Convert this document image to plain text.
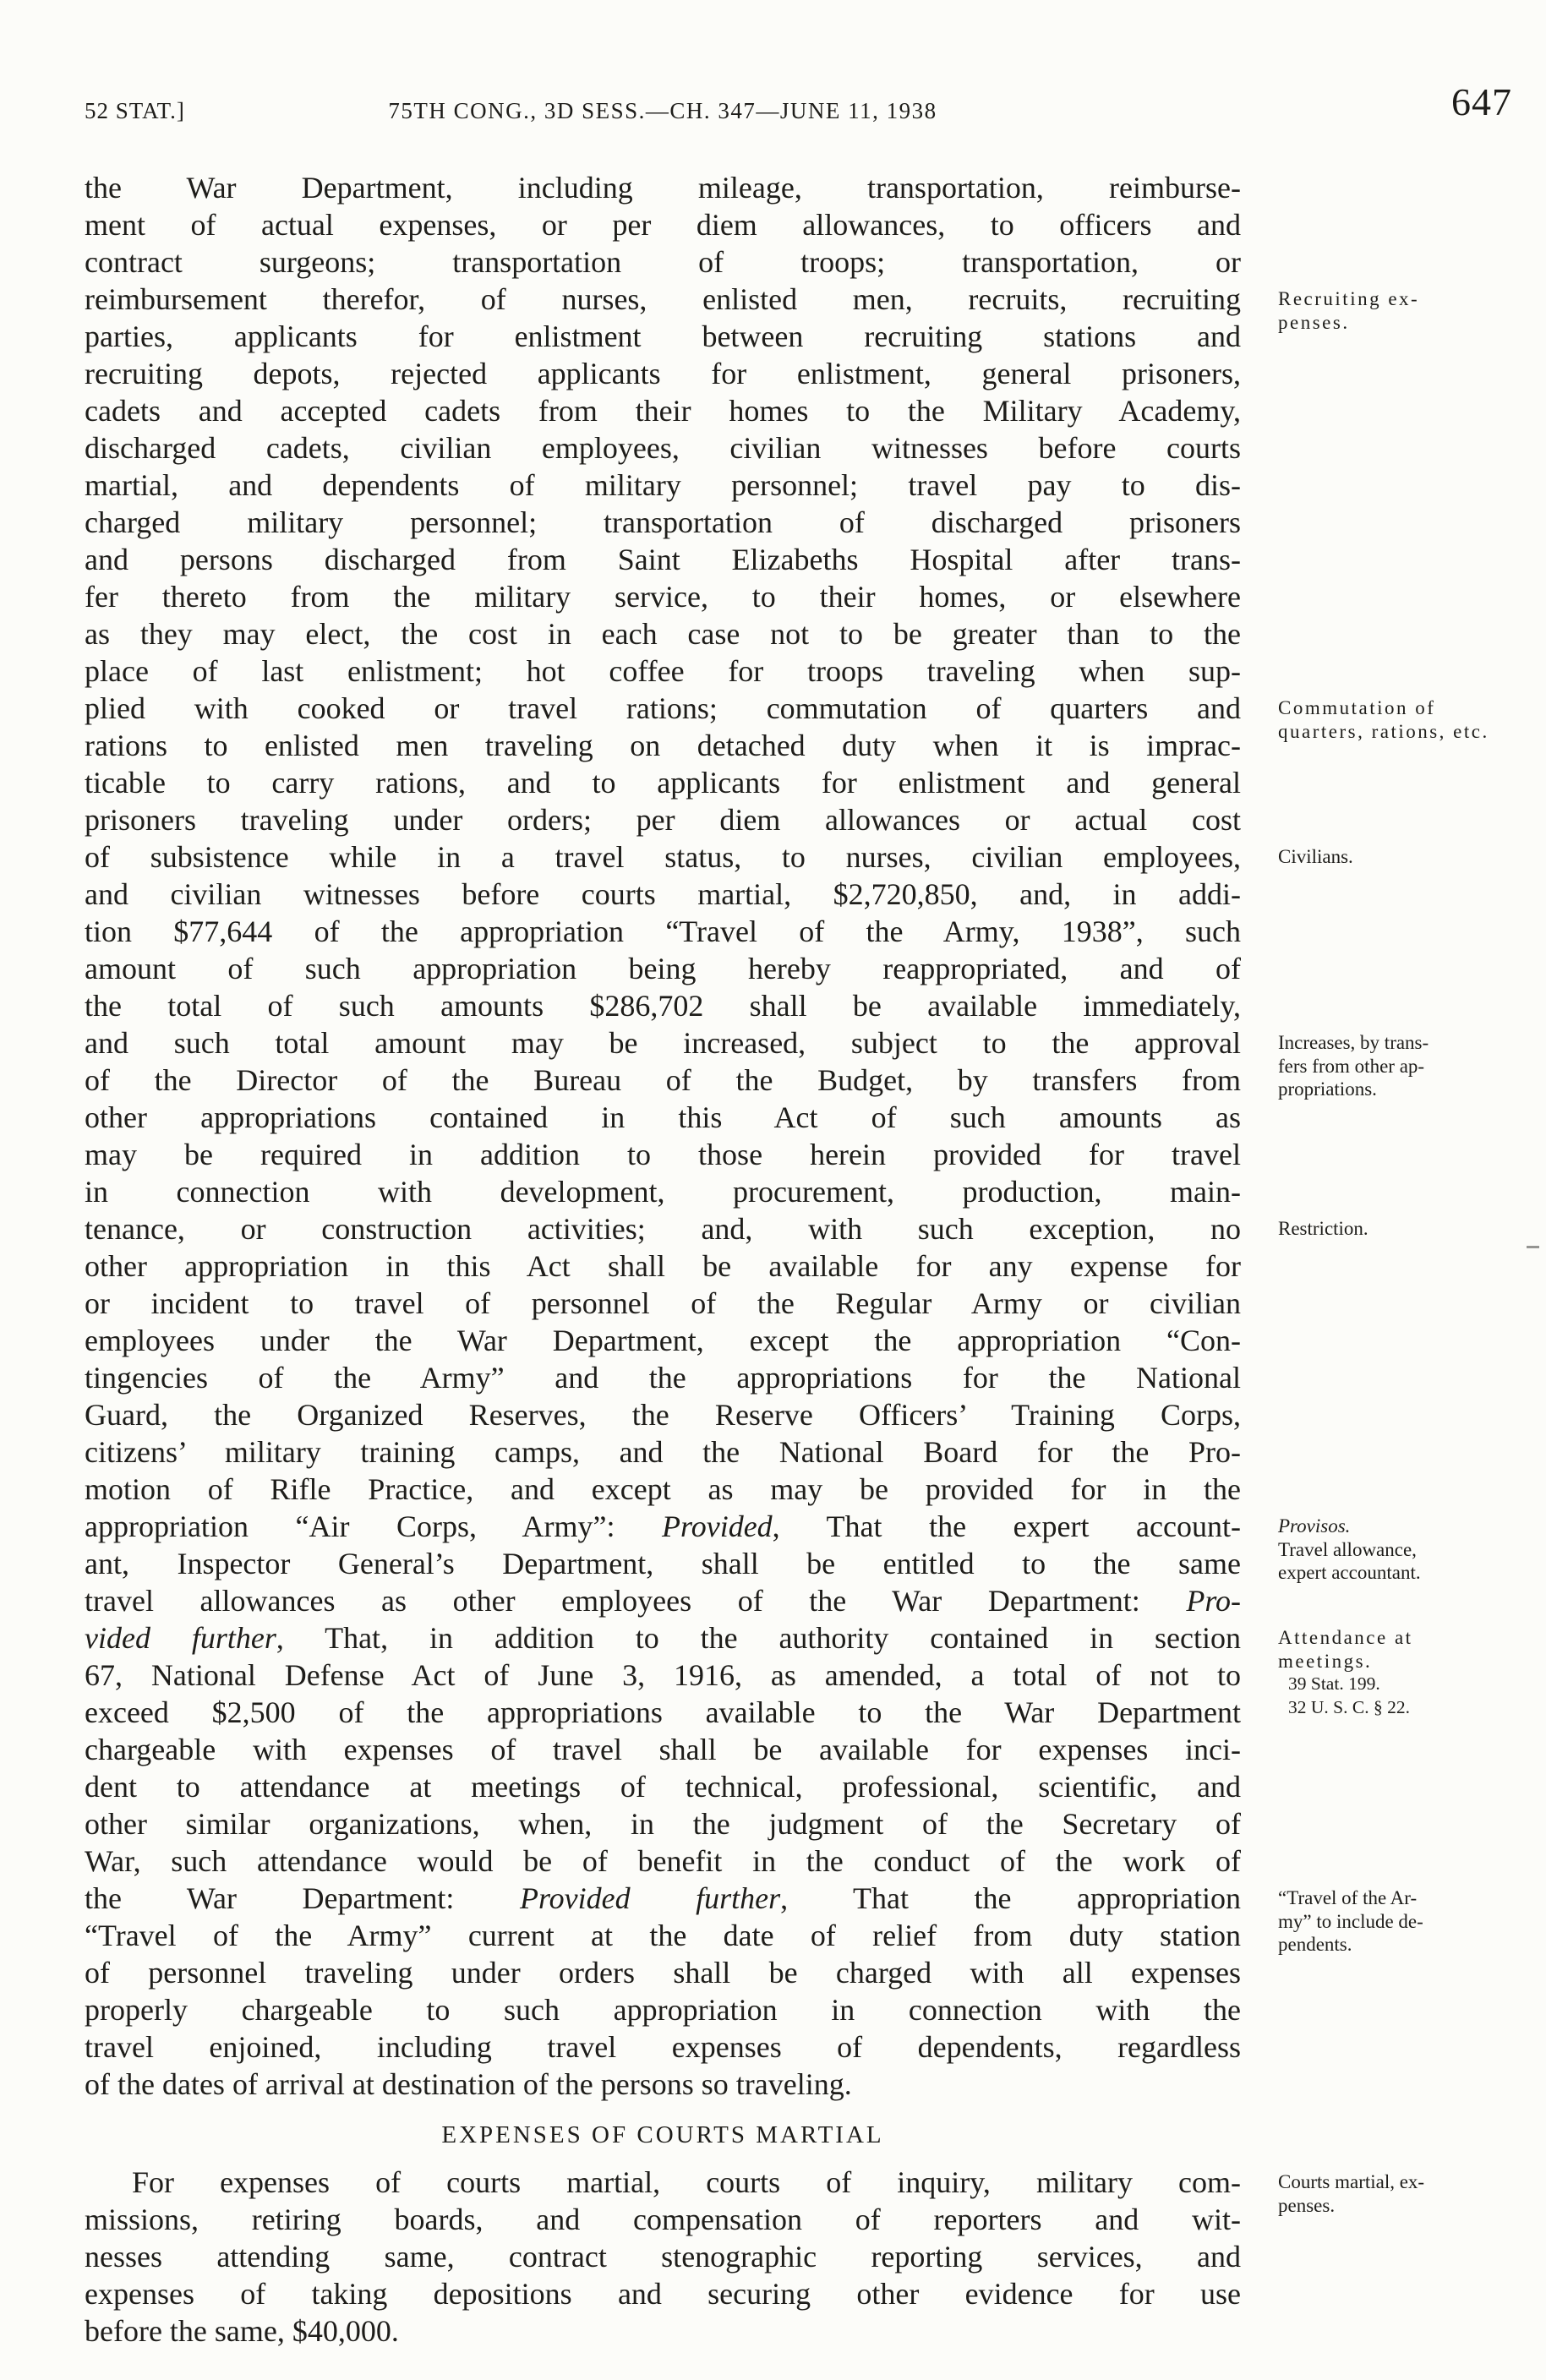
52 STAT.]	75TH CONG., 3D SESS.—CH. 347—JUNE 11, 1938	647
the War Department, including mileage, transportation, reimburse-
ment of actual expenses, or per diem allowances, to officers and
contract surgeons; transportation of troops; transportation, or
reimbursement therefor, of nurses, enlisted men, recruits, recruiting
parties, applicants for enlistment between recruiting stations and
recruiting depots, rejected applicants for enlistment, general prisoners,
cadets and accepted cadets from their homes to the Military Academy,
discharged cadets, civilian employees, civilian witnesses before courts
martial, and dependents of military personnel; travel pay to dis-
charged military personnel; transportation of discharged prisoners
and persons discharged from Saint Elizabeths Hospital after trans-
fer thereto from the military service, to their homes, or elsewhere
as they may elect, the cost in each case not to be greater than to the
place of last enlistment; hot coffee for troops traveling when sup-
plied with cooked or travel rations; commutation of quarters and
rations to enlisted men traveling on detached duty when it is imprac-
ticable to carry rations, and to applicants for enlistment and general
prisoners traveling under orders; per diem allowances or actual cost
of subsistence while in a travel status, to nurses, civilian employees,
and civilian witnesses before courts martial, $2,720,850, and, in addi-
tion $77,644 of the appropriation “Travel of the Army, 1938”, such
amount of such appropriation being hereby reappropriated, and of
the total of such amounts $286,702 shall be available immediately,
and such total amount may be increased, subject to the approval
of the Director of the Bureau of the Budget, by transfers from
other appropriations contained in this Act of such amounts as
may be required in addition to those herein provided for travel
in connection with development, procurement, production, main-
tenance, or construction activities; and, with such exception, no
other appropriation in this Act shall be available for any expense for
or incident to travel of personnel of the Regular Army or civilian
employees under the War Department, except the appropriation “Con-
tingencies of the Army” and the appropriations for the National
Guard, the Organized Reserves, the Reserve Officers’ Training Corps,
citizens’ military training camps, and the National Board for the Pro-
motion of Rifle Practice, and except as may be provided for in the
appropriation “Air Corps, Army”: Provided, That the expert account-
ant, Inspector General’s Department, shall be entitled to the same
travel allowances as other employees of the War Department: Pro-
vided further, That, in addition to the authority contained in section
67, National Defense Act of June 3, 1916, as amended, a total of not to
exceed $2,500 of the appropriations available to the War Department
chargeable with expenses of travel shall be available for expenses inci-
dent to attendance at meetings of technical, professional, scientific, and
other similar organizations, when, in the judgment of the Secretary of
War, such attendance would be of benefit in the conduct of the work of
the War Department: Provided further, That the appropriation
“Travel of the Army” current at the date of relief from duty station
of personnel traveling under orders shall be charged with all expenses
properly chargeable to such appropriation in connection with the
travel enjoined, including travel expenses of dependents, regardless
of the dates of arrival at destination of the persons so traveling.
EXPENSES OF COURTS MARTIAL
For expenses of courts martial, courts of inquiry, military com-
missions, retiring boards, and compensation of reporters and wit-
nesses attending same, contract stenographic reporting services, and
expenses of taking depositions and securing other evidence for use
before the same, $40,000.
Recruiting ex-
penses.
Commutation of
quarters, rations, etc.
Civilians.
Increases, by trans-
fers from other ap-
propriations.
Restriction.
Provisos.
Travel allowance,
expert accountant.
Attendance at
meetings.
39 Stat. 199.
32 U. S. C. § 22.
“Travel of the Ar-
my” to include de-
pendents.
Courts martial, ex-
penses.
